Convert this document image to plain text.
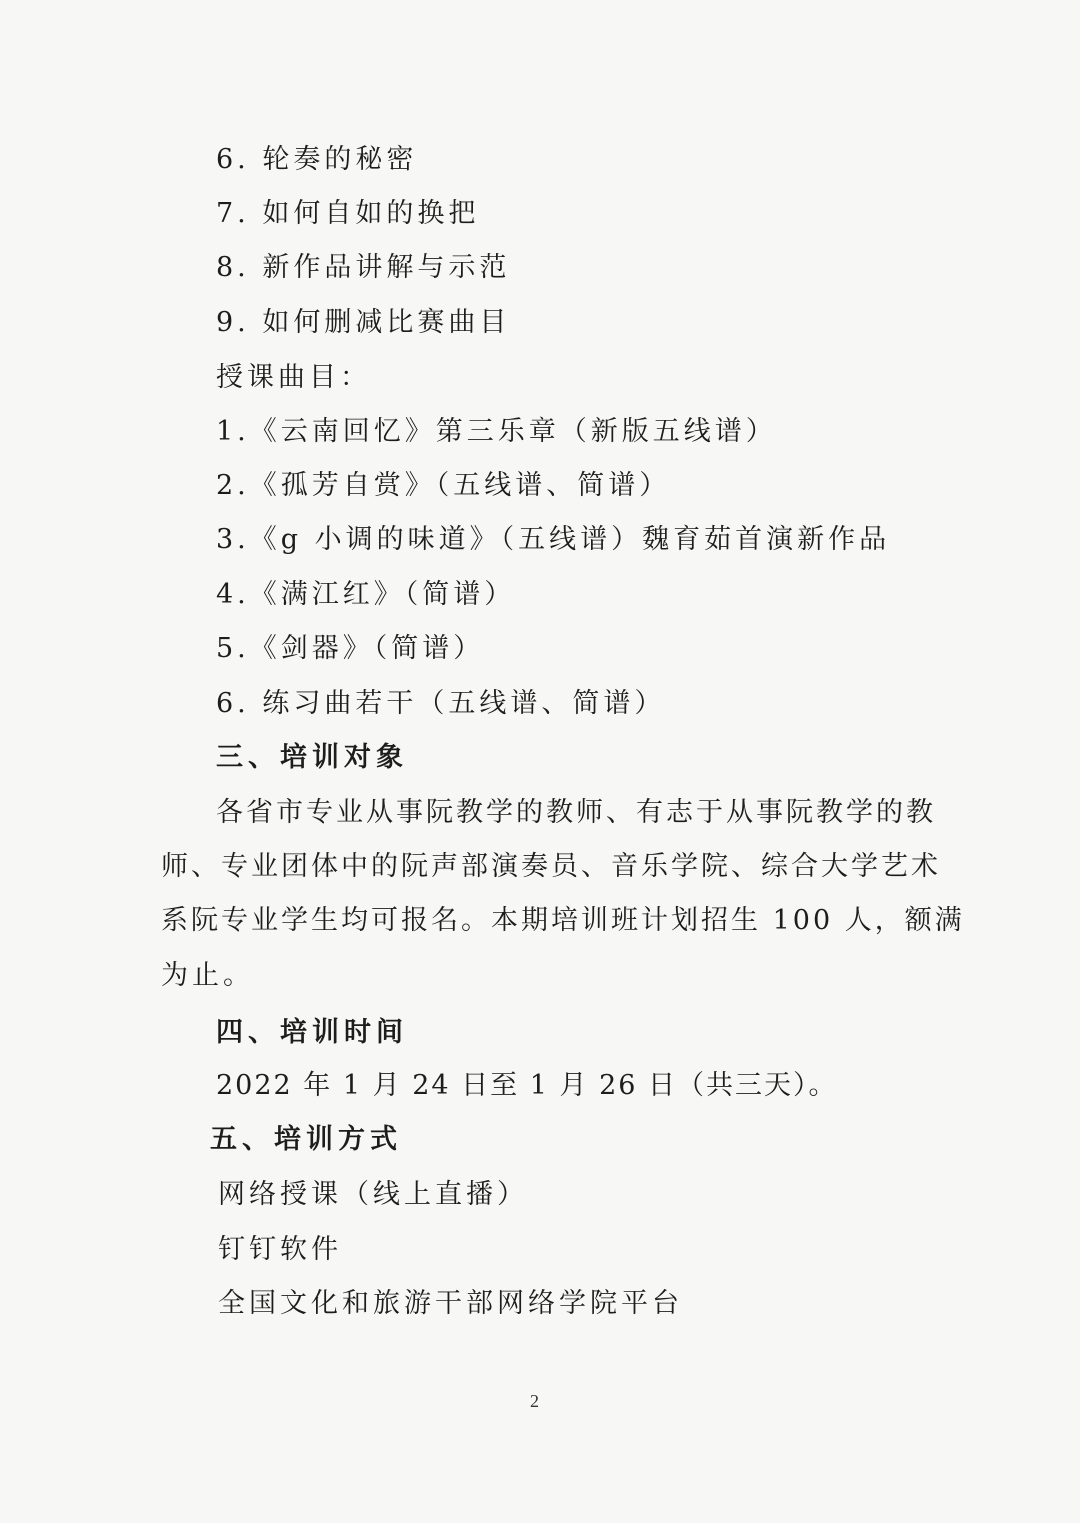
6. 轮奏的秘密
7. 如何自如的换把
8. 新作品讲解与示范
9. 如何删减比赛曲目
授课曲目：
1.《云南回忆》第三乐章（新版五线谱）
2.《孤芳自赏》（五线谱、简谱）
3.《g 小调的味道》（五线谱）魏育茹首演新作品
4.《满江红》（简谱）
5.《剑器》（简谱）
6. 练习曲若干（五线谱、简谱）
三、培训对象
各省市专业从事阮教学的教师、有志于从事阮教学的教
师、专业团体中的阮声部演奏员、音乐学院、综合大学艺术
系阮专业学生均可报名。本期培训班计划招生 100 人，额满
为止。
四、培训时间
2022 年 1 月 24 日至 1 月 26 日（共三天）。
五、培训方式
网络授课（线上直播）
钉钉软件
全国文化和旅游干部网络学院平台
2
